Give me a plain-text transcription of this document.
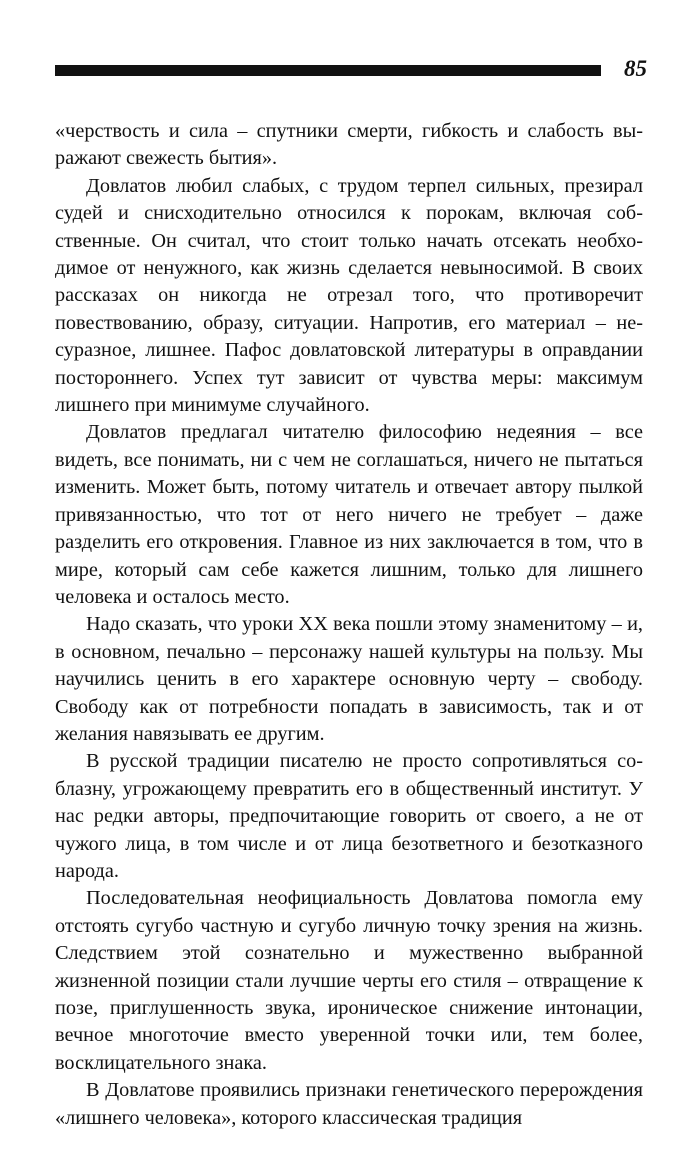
85

«черствость и сила – спутники смерти, гибкость и слабость выражают свежесть бытия».

Довлатов любил слабых, с трудом терпел сильных, презирал судей и снисходительно относился к порокам, включая собственные. Он считал, что стоит только начать отсекать необходимое от ненужного, как жизнь сделается невыносимой. В своих рассказах он никогда не отрезал того, что противоречит повествованию, образу, ситуации. Напротив, его материал – несуразное, лишнее. Пафос довлатовской литературы в оправдании постороннего. Успех тут зависит от чувства меры: максимум лишнего при минимуме случайного.

Довлатов предлагал читателю философию недеяния – все видеть, все понимать, ни с чем не соглашаться, ничего не пытаться изменить. Может быть, потому читатель и отвечает автору пылкой привязанностью, что тот от него ничего не требует – даже разделить его откровения. Главное из них заключается в том, что в мире, который сам себе кажется лишним, только для лишнего человека и осталось место.

Надо сказать, что уроки XX века пошли этому знаменитому – и, в основном, печально – персонажу нашей культуры на пользу. Мы научились ценить в его характере основную черту – свободу. Свободу как от потребности попадать в зависимость, так и от желания навязывать ее другим.

В русской традиции писателю не просто сопротивляться соблазну, угрожающему превратить его в общественный институт. У нас редки авторы, предпочитающие говорить от своего, а не от чужого лица, в том числе и от лица безответного и безотказного народа.

Последовательная неофициальность Довлатова помогла ему отстоять сугубо частную и сугубо личную точку зрения на жизнь. Следствием этой сознательно и мужественно выбранной жизненной позиции стали лучшие черты его стиля – отвращение к позе, приглушенность звука, ироническое снижение интонации, вечное многоточие вместо уверенной точки или, тем более, восклицательного знака.

В Довлатове проявились признаки генетического перерождения «лишнего человека», которого классическая традиция
